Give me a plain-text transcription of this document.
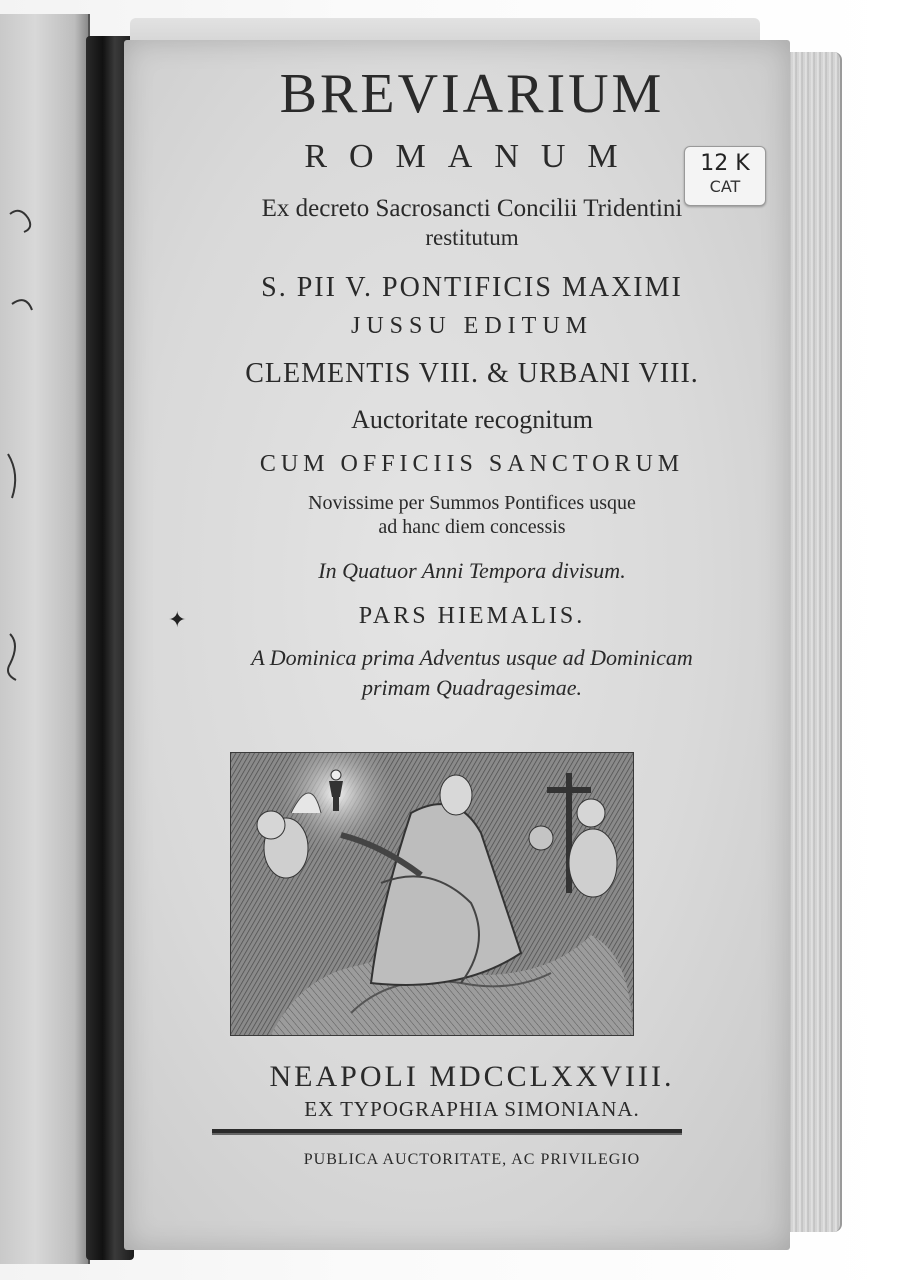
BREVIARIUM
ROMANUM
Ex decreto Sacrosancti Concilii Tridentini
restitutum
S. PII V. PONTIFICIS MAXIMI
JUSSU EDITUM
CLEMENTIS VIII. & URBANI VIII.
Auctoritate recognitum
CUM OFFICIIS SANCTORUM
Novissime per Summos Pontifices usque
ad hanc diem concessis
In Quatuor Anni Tempora divisum.
✦	PARS HIEMALIS.
A Dominica prima Adventus usque ad Dominicam
primam Quadragesimae.
NEAPOLI MDCCLXXVIII.
EX TYPOGRAPHIA SIMONIANA.
PUBLICA AUCTORITATE, AC PRIVILEGIO
12 K
CAT
